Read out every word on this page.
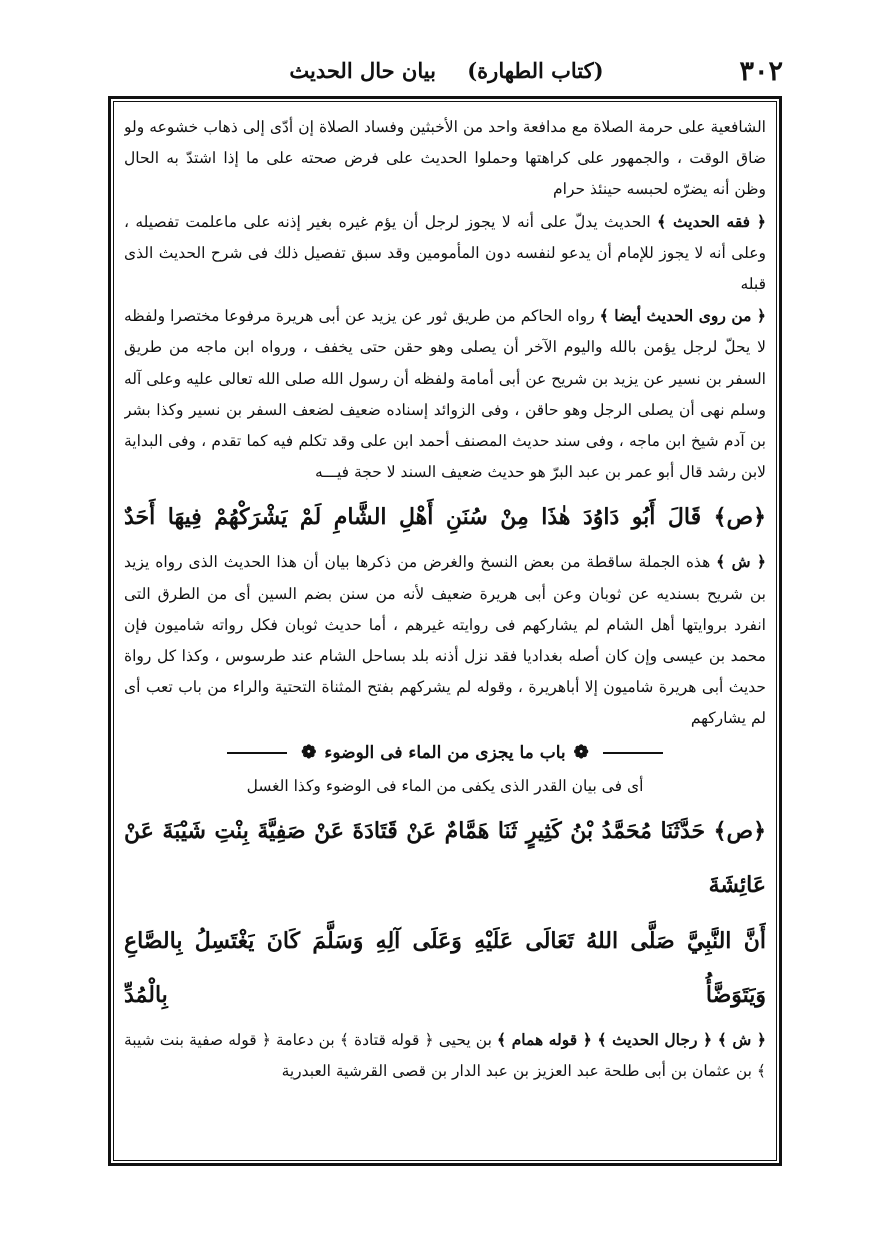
٣٠٢
(كتاب الطهارة) بيان حال الحديث

الشافعية على حرمة الصلاة مع مدافعة واحد من الأخبثين وفساد الصلاة إن أدّى إلى ذهاب خشوعه ولو ضاق الوقت ، والجمهور على كراهتها وحملوا الحديث على فرض صحته على ما إذا اشتدّ به الحال وظن أنه يضرّه لحبسه حينئذ حرام

﴿ فقه الحديث ﴾ الحديث يدلّ على أنه لا يجوز لرجل أن يؤم غيره بغير إذنه على ماعلمت تفصيله ، وعلى أنه لا يجوز للإمام أن يدعو لنفسه دون المأمومين وقد سبق تفصيل ذلك فى شرح الحديث الذى قبله

﴿ من روى الحديث أيضا ﴾ رواه الحاكم من طريق ثور عن يزيد عن أبى هريرة مرفوعا مختصرا ولفظه لا يحلّ لرجل يؤمن بالله واليوم الآخر أن يصلى وهو حقن حتى يخفف ، ورواه ابن ماجه من طريق السفر بن نسير عن يزيد بن شريح عن أبى أمامة ولفظه أن رسول الله صلى الله تعالى عليه وعلى آله وسلم نهى أن يصلى الرجل وهو حاقن ، وفى الزوائد إسناده ضعيف لضعف السفر بن نسير وكذا بشر بن آدم شيخ ابن ماجه ، وفى سند حديث المصنف أحمد ابن على وقد تكلم فيه كما تقدم ، وفى البداية لابن رشد قال أبو عمر بن عبد البرّ هو حديث ضعيف السند لا حجة فيـــه

﴿ص﴾ قَالَ أَبُو دَاوُدَ هٰذَا مِنْ سُنَنِ أَهْلِ الشَّامِ لَمْ يَشْرَكْهُمْ فِيهَا أَحَدٌ

﴿ ش ﴾ هذه الجملة ساقطة من بعض النسخ والغرض من ذكرها بيان أن هذا الحديث الذى رواه يزيد بن شريح بسنديه عن ثوبان وعن أبى هريرة ضعيف لأنه من سنن بضم السين أى من الطرق التى انفرد بروايتها أهل الشام لم يشاركهم فى روايته غيرهم ، أما حديث ثوبان فكل رواته شاميون فإن محمد بن عيسى وإن كان أصله بغداديا فقد نزل أذنه بلد بساحل الشام عند طرسوس ، وكذا كل رواة حديث أبى هريرة شاميون إلا أباهريرة ، وقوله لم يشركهم بفتح المثناة التحتية والراء من باب تعب أى لم يشاركهم

❁باب ما يجزى من الماء فى الوضوء❁

أى فى بيان القدر الذى يكفى من الماء فى الوضوء وكذا الغسل

﴿ص﴾ حَدَّثَنَا مُحَمَّدُ بْنُ كَثِيرٍ ثَنَا هَمَّامٌ عَنْ قَتَادَةَ عَنْ صَفِيَّةَ بِنْتِ شَيْبَةَ عَنْ عَائِشَةَ

أَنَّ النَّبِيَّ صَلَّى اللهُ تَعَالَى عَلَيْهِ وَعَلَى آلِهِ وَسَلَّمَ كَانَ يَغْتَسِلُ بِالصَّاعِ وَيَتَوَضَّأُ بِالْمُدِّ

﴿ ش ﴾ ﴿ رجال الحديث ﴾ ﴿ قوله همام ﴾ بن يحيى ﴿ قوله قتادة ﴾ بن دعامة ﴿ قوله صفية بنت شيبة ﴾ بن عثمان بن أبى طلحة عبد العزيز بن عبد الدار بن قصى القرشية العبدرية
